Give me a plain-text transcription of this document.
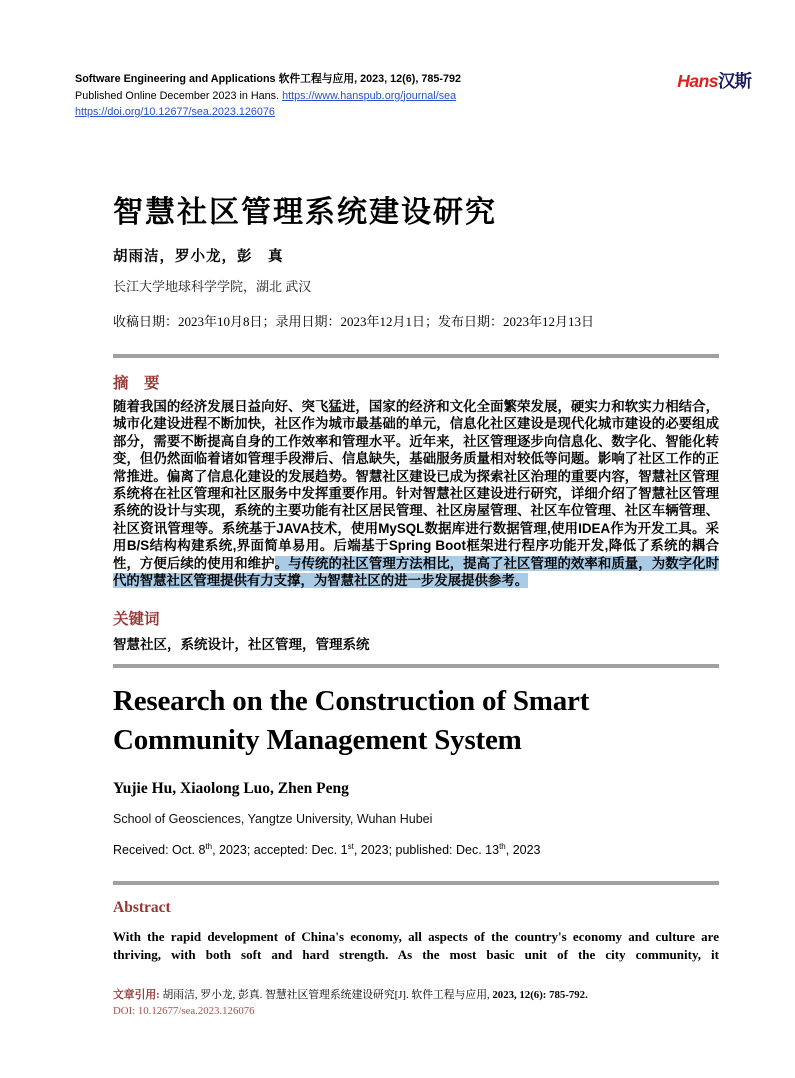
Software Engineering and Applications 软件工程与应用, 2023, 12(6), 785-792
Published Online December 2023 in Hans. https://www.hanspub.org/journal/sea
https://doi.org/10.12677/sea.2023.126076
Hans汉斯
智慧社区管理系统建设研究
胡雨洁，罗小龙，彭　真
长江大学地球科学学院，湖北 武汉
收稿日期：2023年10月8日；录用日期：2023年12月1日；发布日期：2023年12月13日
摘　要

随着我国的经济发展日益向好、突飞猛进，国家的经济和文化全面繁荣发展，硬实力和软实力相结合，城市化建设进程不断加快，社区作为城市最基础的单元，信息化社区建设是现代化城市建设的必要组成部分，需要不断提高自身的工作效率和管理水平。近年来，社区管理逐步向信息化、数字化、智能化转变，但仍然面临着诸如管理手段滞后、信息缺失，基础服务质量相对较低等问题。影响了社区工作的正常推进。偏离了信息化建设的发展趋势。智慧社区建设已成为探索社区治理的重要内容，智慧社区管理系统将在社区管理和社区服务中发挥重要作用。针对智慧社区建设进行研究，详细介绍了智慧社区管理系统的设计与实现，系统的主要功能有社区居民管理、社区房屋管理、社区车位管理、社区车辆管理、社区资讯管理等。系统基于JAVA技术，使用MySQL数据库进行数据管理,使用IDEA作为开发工具。采用B/S结构构建系统,界面简单易用。后端基于Spring Boot框架进行程序功能开发,降低了系统的耦合性，方便后续的使用和维护。与传统的社区管理方法相比，提高了社区管理的效率和质量，为数字化时代的智慧社区管理提供有力支撑，为智慧社区的进一步发展提供参考。

关键词
智慧社区，系统设计，社区管理，管理系统
Research on the Construction of Smart
Community Management System
Yujie Hu, Xiaolong Luo, Zhen Peng
School of Geosciences, Yangtze University, Wuhan Hubei
Received: Oct. 8th, 2023; accepted: Dec. 1st, 2023; published: Dec. 13th, 2023
Abstract

With the rapid development of China's economy, all aspects of the country's economy and culture are thriving, with both soft and hard strength. As the most basic unit of the city community, it

文章引用: 胡雨洁, 罗小龙, 彭真. 智慧社区管理系统建设研究[J]. 软件工程与应用, 2023, 12(6): 785-792.
DOI: 10.12677/sea.2023.126076
